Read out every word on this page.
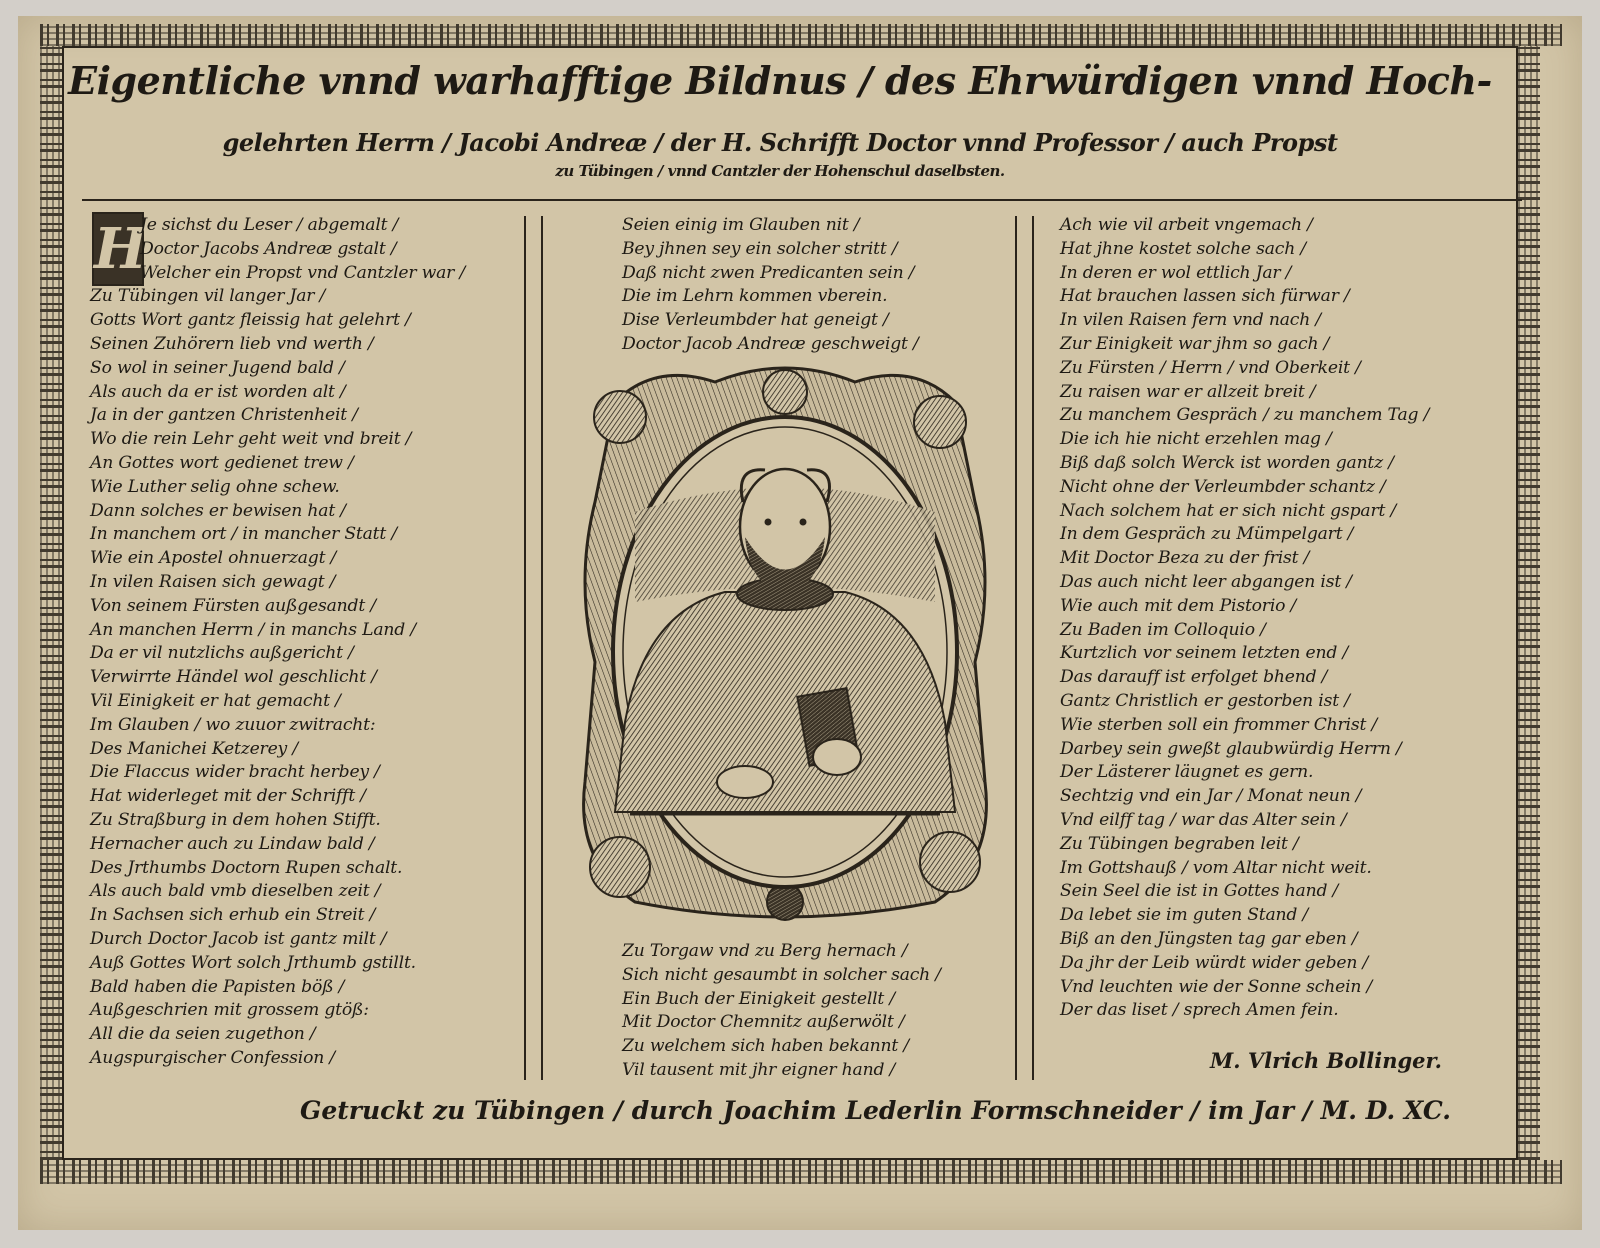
Eigentliche vnnd warhafftige Bildnus / des Ehrwürdigen vnnd Hoch-
gelehrten Herrn / Jacobi Andreæ / der H. Schrifft Doctor vnnd Professor / auch Propst
zu Tübingen / vnnd Cantzler der Hohenschul daselbsten.
H
Je sichst du Leser / abgemalt /
Doctor Jacobs Andreæ gstalt /
Welcher ein Propst vnd Cantzler war /
Zu Tübingen vil langer Jar /
Gotts Wort gantz fleissig hat gelehrt /
Seinen Zuhörern lieb vnd werth /
So wol in seiner Jugend bald /
Als auch da er ist worden alt /
Ja in der gantzen Christenheit /
Wo die rein Lehr geht weit vnd breit /
An Gottes wort gedienet trew /
Wie Luther selig ohne schew.
Dann solches er bewisen hat /
In manchem ort / in mancher Statt /
Wie ein Apostel ohnuerzagt /
In vilen Raisen sich gewagt /
Von seinem Fürsten außgesandt /
An manchen Herrn / in manchs Land /
Da er vil nutzlichs außgericht /
Verwirrte Händel wol geschlicht /
Vil Einigkeit er hat gemacht /
Im Glauben / wo zuuor zwitracht:
Des Manichei Ketzerey /
Die Flaccus wider bracht herbey /
Hat widerleget mit der Schrifft /
Zu Straßburg in dem hohen Stifft.
Hernacher auch zu Lindaw bald /
Des Jrthumbs Doctorn Rupen schalt.
Als auch bald vmb dieselben zeit /
In Sachsen sich erhub ein Streit /
Durch Doctor Jacob ist gantz milt /
Auß Gottes Wort solch Jrthumb gstillt.
Bald haben die Papisten böß /
Außgeschrien mit grossem gtöß:
All die da seien zugethon /
Augspurgischer Confession /
Seien einig im Glauben nit /
Bey jhnen sey ein solcher stritt /
Daß nicht zwen Predicanten sein /
Die im Lehrn kommen vberein.
Dise Verleumbder hat geneigt /
Doctor Jacob Andreæ geschweigt /
Zu Torgaw vnd zu Berg hernach /
Sich nicht gesaumbt in solcher sach /
Ein Buch der Einigkeit gestellt /
Mit Doctor Chemnitz außerwölt /
Zu welchem sich haben bekannt /
Vil tausent mit jhr eigner hand /
Ach wie vil arbeit vngemach /
Hat jhne kostet solche sach /
In deren er wol ettlich Jar /
Hat brauchen lassen sich fürwar /
In vilen Raisen fern vnd nach /
Zur Einigkeit war jhm so gach /
Zu Fürsten / Herrn / vnd Oberkeit /
Zu raisen war er allzeit breit /
Zu manchem Gespräch / zu manchem Tag /
Die ich hie nicht erzehlen mag /
Biß daß solch Werck ist worden gantz /
Nicht ohne der Verleumbder schantz /
Nach solchem hat er sich nicht gspart /
In dem Gespräch zu Mümpelgart /
Mit Doctor Beza zu der frist /
Das auch nicht leer abgangen ist /
Wie auch mit dem Pistorio /
Zu Baden im Colloquio /
Kurtzlich vor seinem letzten end /
Das darauff ist erfolget bhend /
Gantz Christlich er gestorben ist /
Wie sterben soll ein frommer Christ /
Darbey sein gweßt glaubwürdig Herrn /
Der Lästerer läugnet es gern.
Sechtzig vnd ein Jar / Monat neun /
Vnd eilff tag / war das Alter sein /
Zu Tübingen begraben leit /
Im Gottshauß / vom Altar nicht weit.
Sein Seel die ist in Gottes hand /
Da lebet sie im guten Stand /
Biß an den Jüngsten tag gar eben /
Da jhr der Leib würdt wider geben /
Vnd leuchten wie der Sonne schein /
Der das liset / sprech Amen fein.
M. Vlrich Bollinger.
Getruckt zu Tübingen / durch Joachim Lederlin Formschneider / im Jar / M. D. XC.
